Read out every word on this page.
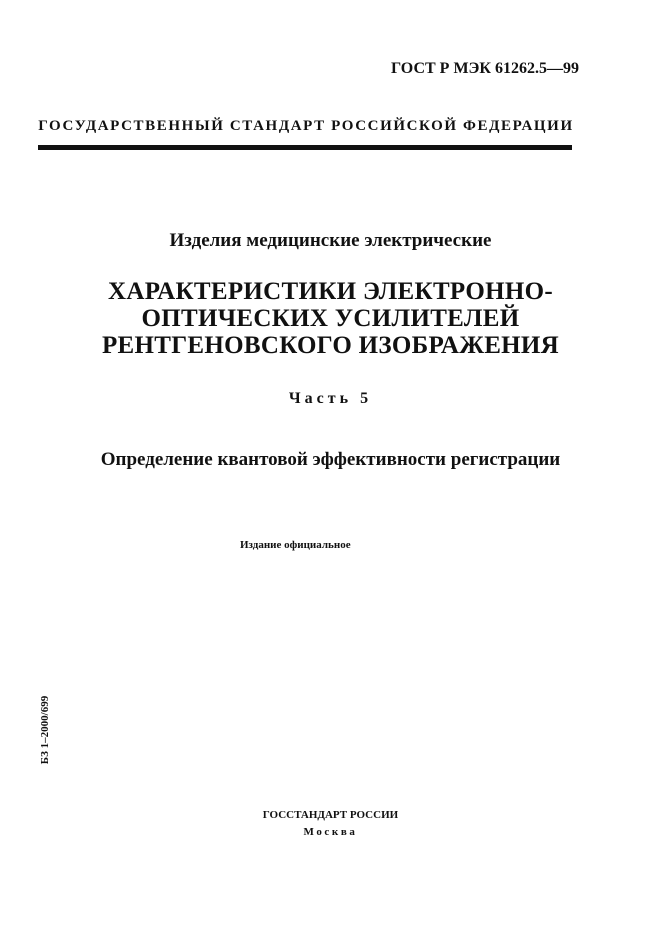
ГОСТ Р МЭК 61262.5—99
ГОСУДАРСТВЕННЫЙ СТАНДАРТ РОССИЙСКОЙ ФЕДЕРАЦИИ
Изделия медицинские электрические
ХАРАКТЕРИСТИКИ ЭЛЕКТРОННО-
ОПТИЧЕСКИХ УСИЛИТЕЛЕЙ
РЕНТГЕНОВСКОГО ИЗОБРАЖЕНИЯ
Часть 5
Определение квантовой эффективности регистрации
Издание официальное
БЗ 1–2000/699
ГОССТАНДАРТ РОССИИ
Москва
